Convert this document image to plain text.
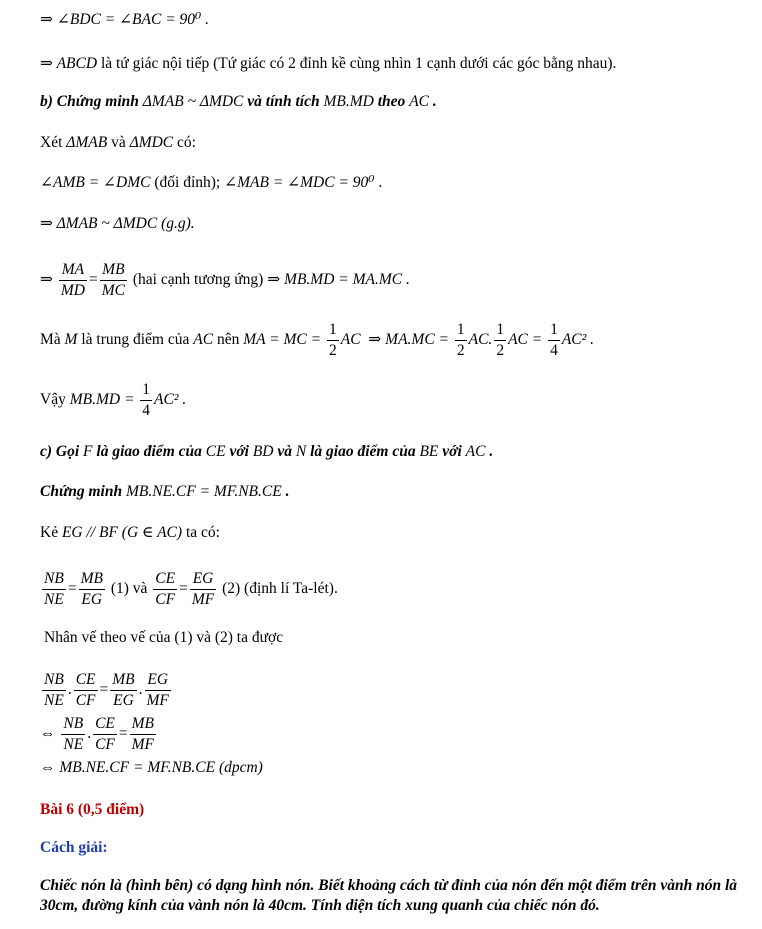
⇒ ∠BDC = ∠BAC = 90⁰ .
⇒ ABCD là tứ giác nội tiếp (Tứ giác có 2 đỉnh kề cùng nhìn 1 cạnh dưới các góc bằng nhau).
b) Chứng minh ΔMAB ~ ΔMDC và tính tích MB.MD theo AC .
Xét ΔMAB và ΔMDC có:
∠AMB = ∠DMC (đối đỉnh); ∠MAB = ∠MDC = 90⁰ .
⇒ ΔMAB ~ ΔMDC (g.g).
⇒ $\frac{MA}{MD} = \frac{MB}{MC} (hai$ cạnh tương ứng) ⇒ MB.MD = MA.MC .
Mà M là trung điểm của AC nên MA = MC = $\frac{1}{2}$ AC ⇒ $MA.MC = \frac{1}{2}$ AC. $\frac{1}{2}$ AC = $\frac{1}{4} AC^2$ .
Vậy $MB.MD = \frac{1}{4} AC^2$ .
c) Gọi F là giao điểm của CE với BD và N là giao điểm của BE với AC .
Chứng minh MB.NE.CF = MF.NB.CE .
Kẻ EG // BF (G ∈ AC) ta có:
$\frac{NB}{NE} = \frac{MB}{EG} (1)$ và $\frac{CE}{CF} = \frac{EG}{MF} (2)$ (định lí Ta-lét).
Nhân vế theo vế của (1) và (2) ta được
$\frac{NB}{NE}$ . $\frac{CE}{CF} = \frac{MB}{EG}$ . $\frac{EG}{MF}$
⇔ $\frac{NB}{NE}$ . $\frac{CE}{CF} = \frac{MB}{MF}$
⇔ MB.NE.CF = MF.NB.CE (dpcm)
Bài 6 (0,5 điểm)
Cách giải:
Chiếc nón là (hình bên) có dạng hình nón. Biết khoảng cách từ đỉnh của nón đến một điểm trên vành nón là 30cm, đường kính của vành nón là 40cm. Tính diện tích xung quanh của chiếc nón đó.
